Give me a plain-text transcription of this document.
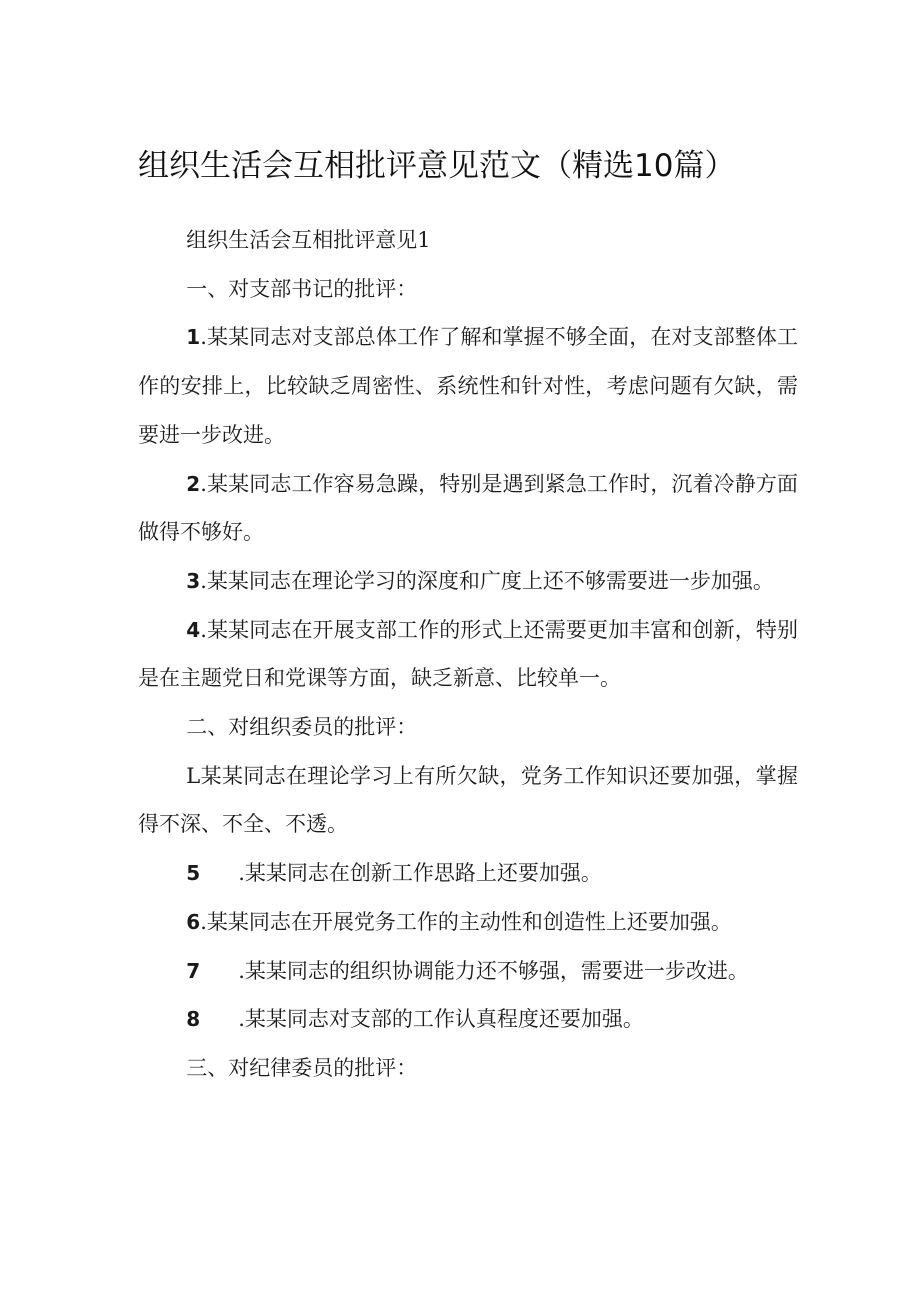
组织生活会互相批评意见范文（精选10篇）

组织生活会互相批评意见1

一、对支部书记的批评：

1.某某同志对支部总体工作了解和掌握不够全面，在对支部整体工作的安排上，比较缺乏周密性、系统性和针对性，考虑问题有欠缺，需要进一步改进。

2.某某同志工作容易急躁，特别是遇到紧急工作时，沉着冷静方面做得不够好。

3.某某同志在理论学习的深度和广度上还不够需要进一步加强。

4.某某同志在开展支部工作的形式上还需要更加丰富和创新，特别是在主题党日和党课等方面，缺乏新意、比较单一。

二、对组织委员的批评：

L某某同志在理论学习上有所欠缺，党务工作知识还要加强，掌握得不深、不全、不透。

5 .某某同志在创新工作思路上还要加强。

6.某某同志在开展党务工作的主动性和创造性上还要加强。

7 .某某同志的组织协调能力还不够强，需要进一步改进。

8 .某某同志对支部的工作认真程度还要加强。

三、对纪律委员的批评：
